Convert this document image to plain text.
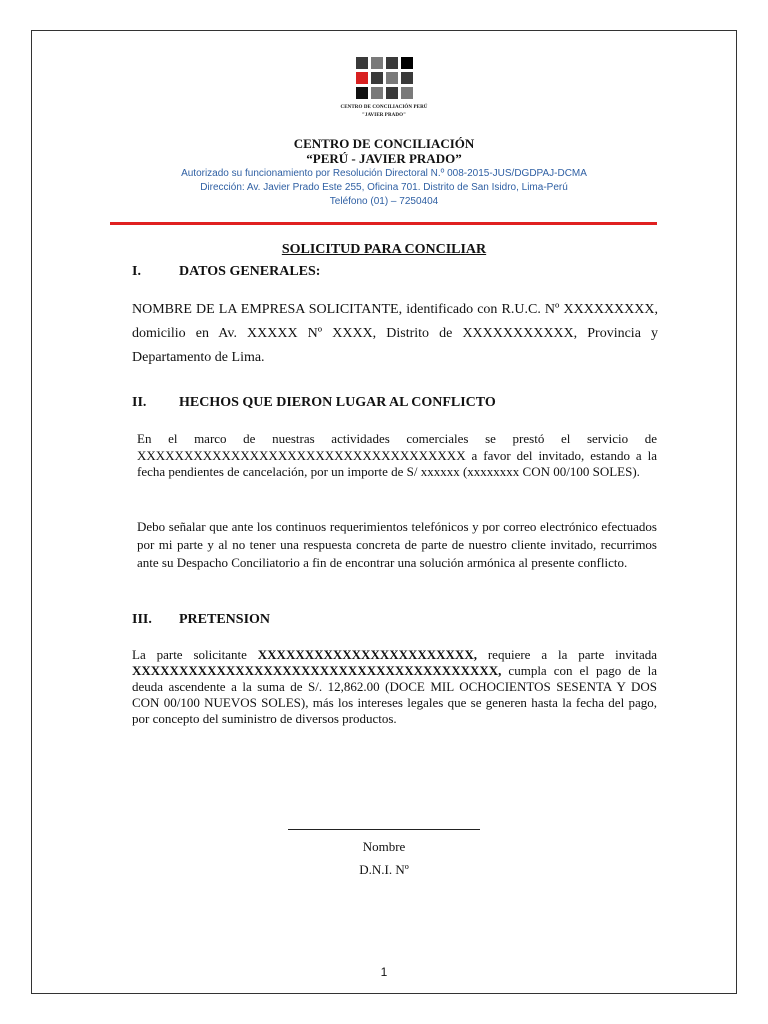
CENTRO DE CONCILIACIÓN PERÚ
"JAVIER PRADO"
CENTRO DE CONCILIACIÓN
“PERÚ - JAVIER PRADO”
Autorizado su funcionamiento por Resolución Directoral N.º 008-2015-JUS/DGDPAJ-DCMA
Dirección: Av. Javier Prado Este 255, Oficina 701. Distrito de San Isidro, Lima-Perú
Teléfono (01) – 7250404
SOLICITUD PARA CONCILIAR
I.	DATOS GENERALES:
NOMBRE DE LA EMPRESA SOLICITANTE, identificado con R.U.C. Nº XXXXXXXXX, domicilio en Av. XXXXX Nº XXXX, Distrito de XXXXXXXXXXX, Provincia y Departamento de Lima.
II. HECHOS QUE DIERON LUGAR AL CONFLICTO
En el marco de nuestras actividades comerciales se prestó el servicio de XXXXXXXXXXXXXXXXXXXXXXXXXXXXXXXXXXX a favor del invitado, estando a la fecha pendientes de cancelación, por un importe de S/ xxxxxx (xxxxxxxx CON 00/100 SOLES).
Debo señalar que ante los continuos requerimientos telefónicos y por correo electrónico efectuados por mi parte y al no tener una respuesta concreta de parte de nuestro cliente invitado, recurrimos ante su Despacho Conciliatorio a fin de encontrar una solución armónica al presente conflicto.
III. PRETENSION
La parte solicitante XXXXXXXXXXXXXXXXXXXXXXX, requiere a la parte invitada XXXXXXXXXXXXXXXXXXXXXXXXXXXXXXXXXXXXXXX, cumpla con el pago de la deuda ascendente a la suma de S/. 12,862.00 (DOCE MIL OCHOCIENTOS SESENTA Y DOS CON 00/100 NUEVOS SOLES), más los intereses legales que se generen hasta la fecha del pago, por concepto del suministro de diversos productos.
Nombre
D.N.I. Nº
1
